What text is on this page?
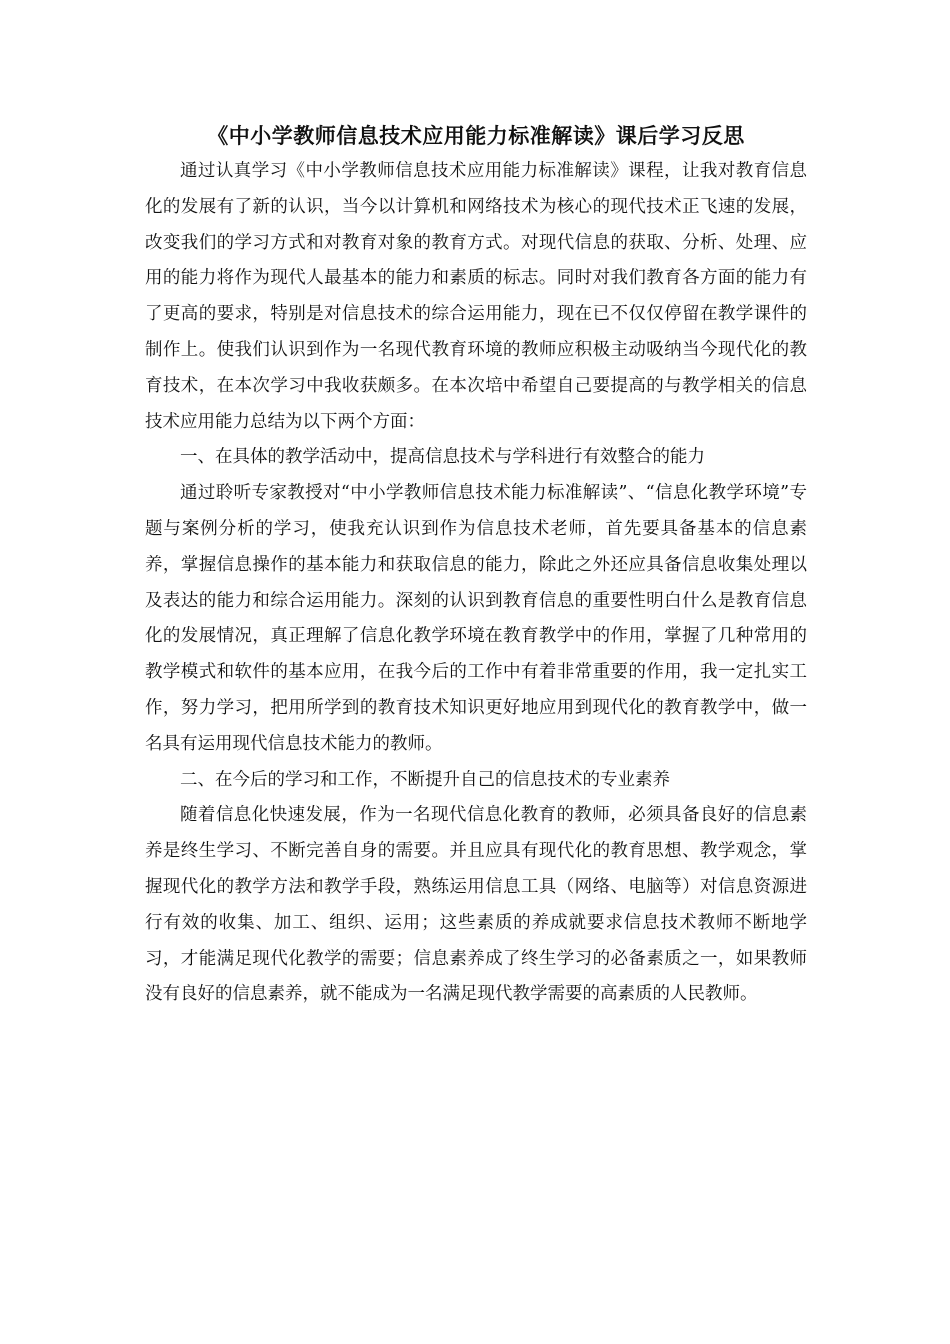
《中小学教师信息技术应用能力标准解读》课后学习反思

通过认真学习《中小学教师信息技术应用能力标准解读》课程，让我对教育信息化的发展有了新的认识，当今以计算机和网络技术为核心的现代技术正飞速的发展，改变我们的学习方式和对教育对象的教育方式。对现代信息的获取、分析、处理、应用的能力将作为现代人最基本的能力和素质的标志。同时对我们教育各方面的能力有了更高的要求，特别是对信息技术的综合运用能力，现在已不仅仅停留在教学课件的制作上。使我们认识到作为一名现代教育环境的教师应积极主动吸纳当今现代化的教育技术，在本次学习中我收获颇多。在本次培中希望自己要提高的与教学相关的信息技术应用能力总结为以下两个方面：

一、在具体的教学活动中，提高信息技术与学科进行有效整合的能力

通过聆听专家教授对“中小学教师信息技术能力标准解读”、“信息化教学环境”专题与案例分析的学习，使我充认识到作为信息技术老师，首先要具备基本的信息素养，掌握信息操作的基本能力和获取信息的能力，除此之外还应具备信息收集处理以及表达的能力和综合运用能力。深刻的认识到教育信息的重要性明白什么是教育信息化的发展情况，真正理解了信息化教学环境在教育教学中的作用，掌握了几种常用的教学模式和软件的基本应用，在我今后的工作中有着非常重要的作用，我一定扎实工作，努力学习，把用所学到的教育技术知识更好地应用到现代化的教育教学中，做一名具有运用现代信息技术能力的教师。

二、在今后的学习和工作，不断提升自己的信息技术的专业素养

随着信息化快速发展，作为一名现代信息化教育的教师，必须具备良好的信息素养是终生学习、不断完善自身的需要。并且应具有现代化的教育思想、教学观念，掌握现代化的教学方法和教学手段，熟练运用信息工具（网络、电脑等）对信息资源进行有效的收集、加工、组织、运用；这些素质的养成就要求信息技术教师不断地学习，才能满足现代化教学的需要；信息素养成了终生学习的必备素质之一，如果教师没有良好的信息素养，就不能成为一名满足现代教学需要的高素质的人民教师。
